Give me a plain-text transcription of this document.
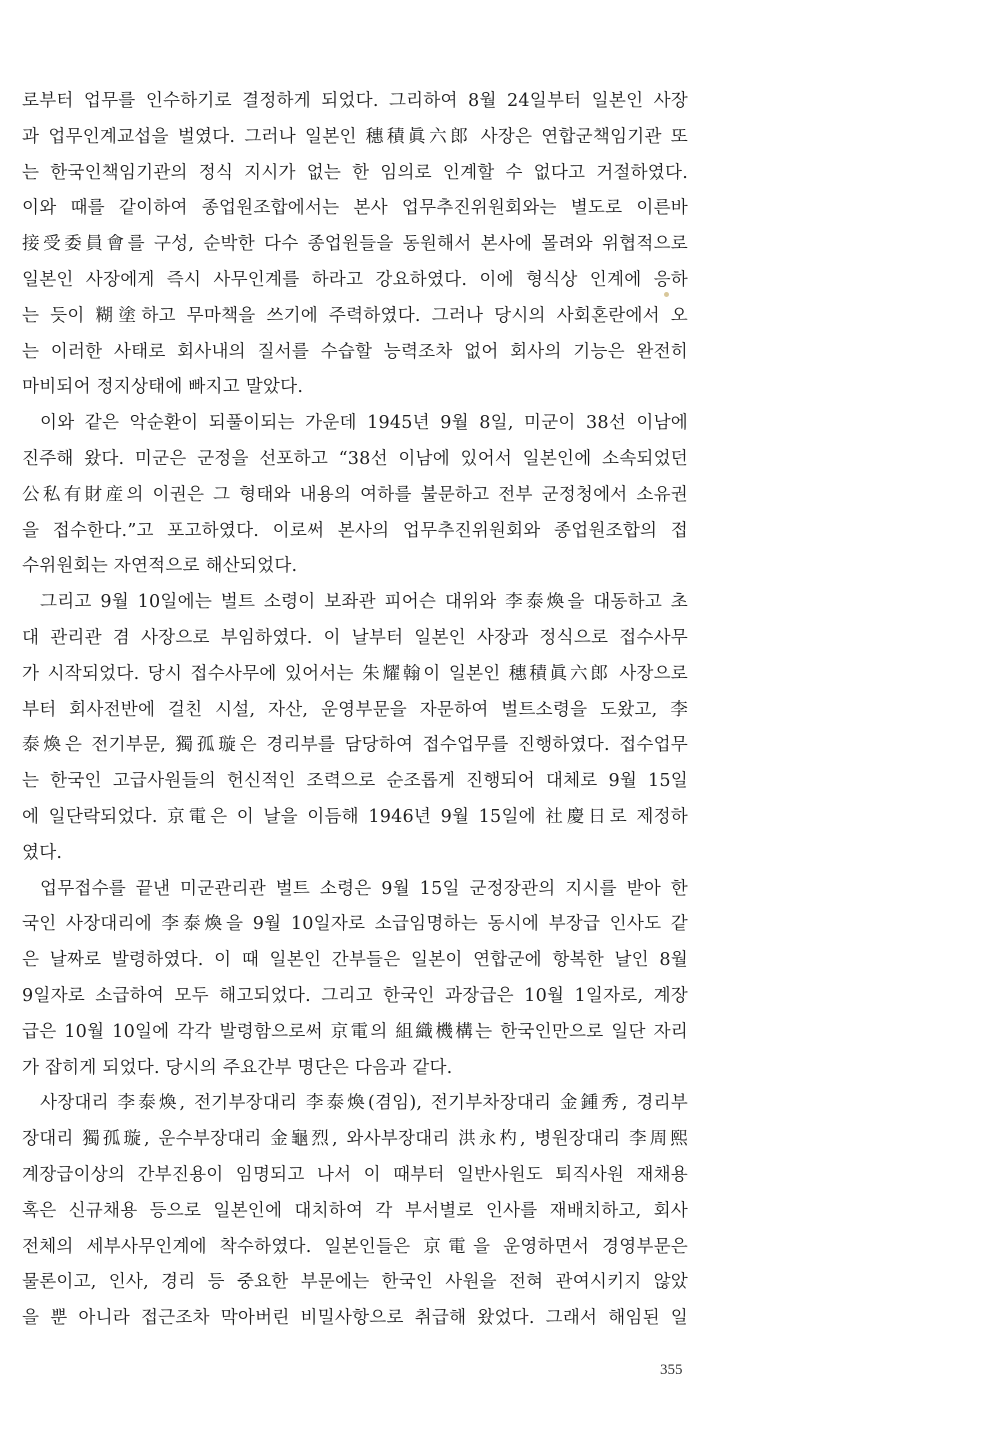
로부터 업무를 인수하기로 결정하게 되었다. 그리하여 8월 24일부터 일본인 사장
과 업무인계교섭을 벌였다. 그러나 일본인 穗積眞六郎 사장은 연합군책임기관 또
는 한국인책임기관의 정식 지시가 없는 한 임의로 인계할 수 없다고 거절하였다.
이와 때를 같이하여 종업원조합에서는 본사 업무추진위원회와는 별도로 이른바
接受委員會를 구성, 순박한 다수 종업원들을 동원해서 본사에 몰려와 위협적으로
일본인 사장에게 즉시 사무인계를 하라고 강요하였다. 이에 형식상 인계에 응하
는 듯이 糊塗하고 무마책을 쓰기에 주력하였다. 그러나 당시의 사회혼란에서 오
는 이러한 사태로 회사내의 질서를 수습할 능력조차 없어 회사의 기능은 완전히
마비되어 정지상태에 빠지고 말았다.
이와 같은 악순환이 되풀이되는 가운데 1945년 9월 8일, 미군이 38선 이남에
진주해 왔다. 미군은 군정을 선포하고 “38선 이남에 있어서 일본인에 소속되었던
公私有財産의 이권은 그 형태와 내용의 여하를 불문하고 전부 군정청에서 소유권
을 접수한다.”고 포고하였다. 이로써 본사의 업무추진위원회와 종업원조합의 접
수위원회는 자연적으로 해산되었다.
그리고 9월 10일에는 벌트 소령이 보좌관 피어슨 대위와 李泰煥을 대동하고 초
대 관리관 겸 사장으로 부임하였다. 이 날부터 일본인 사장과 정식으로 접수사무
가 시작되었다. 당시 접수사무에 있어서는 朱耀翰이 일본인 穗積眞六郎 사장으로
부터 회사전반에 걸친 시설, 자산, 운영부문을 자문하여 벌트소령을 도왔고, 李
泰煥은 전기부문, 獨孤璇은 경리부를 담당하여 접수업무를 진행하였다. 접수업무
는 한국인 고급사원들의 헌신적인 조력으로 순조롭게 진행되어 대체로 9월 15일
에 일단락되었다. 京電은 이 날을 이듬해 1946년 9월 15일에 社慶日로 제정하
였다.
업무접수를 끝낸 미군관리관 벌트 소령은 9월 15일 군정장관의 지시를 받아 한
국인 사장대리에 李泰煥을 9월 10일자로 소급임명하는 동시에 부장급 인사도 같
은 날짜로 발령하였다. 이 때 일본인 간부들은 일본이 연합군에 항복한 날인 8월
9일자로 소급하여 모두 해고되었다. 그리고 한국인 과장급은 10월 1일자로, 계장
급은 10월 10일에 각각 발령함으로써 京電의 組織機構는 한국인만으로 일단 자리
가 잡히게 되었다. 당시의 주요간부 명단은 다음과 같다.
사장대리 李泰煥, 전기부장대리 李泰煥(겸임), 전기부차장대리 金鍾秀, 경리부
장대리 獨孤璇, 운수부장대리 金龜烈, 와사부장대리 洪永杓, 병원장대리 李周熙
계장급이상의 간부진용이 임명되고 나서 이 때부터 일반사원도 퇴직사원 재채용
혹은 신규채용 등으로 일본인에 대치하여 각 부서별로 인사를 재배치하고, 회사
전체의 세부사무인계에 착수하였다. 일본인들은 京電을 운영하면서 경영부문은
물론이고, 인사, 경리 등 중요한 부문에는 한국인 사원을 전혀 관여시키지 않았
을 뿐 아니라 접근조차 막아버린 비밀사항으로 취급해 왔었다. 그래서 해임된 일
355
